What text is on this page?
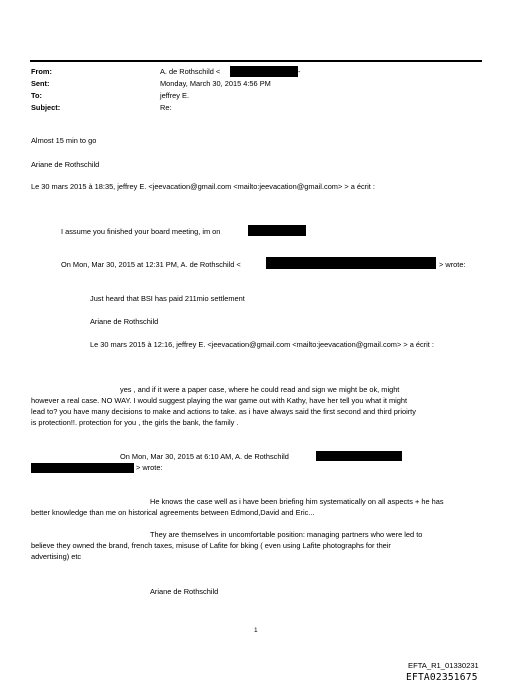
From:	A. de Rothschild <	-
Sent:	Monday, March 30, 2015 4:56 PM
To:	jeffrey E.
Subject:	Re:
Almost 15 min to go
Ariane de Rothschild
Le 30 mars 2015 à 18:35, jeffrey E. <jeevacation@gmail.com <mailto:jeevacation@gmail.com> > a écrit :
I assume you finished your board meeting, im on
On Mon, Mar 30, 2015 at 12:31 PM, A. de Rothschild <	> wrote:
Just heard that BSI has paid 211mio settlement
Ariane de Rothschild
Le 30 mars 2015 à 12:16, jeffrey E. <jeevacation@gmail.com <mailto:jeevacation@gmail.com> > a écrit :
yes , and if it were a paper case, where he could read and sign we might be ok, might
however a real case. NO WAY. I would suggest playing the war game out with Kathy, have her tell you what it might
lead to? you have many decisions to make and actions to take. as i have always said the first second and third prioirty
is protection!!. protection for you , the girls the bank, the family .
On Mon, Mar 30, 2015 at 6:10 AM, A. de Rothschild
> wrote:
He knows the case well as i have been briefing him systematically on all aspects + he has
better knowledge than me on historical agreements between Edmond,David and Eric...
They are themselves in uncomfortable position: managing partners who were led to
believe they owned the brand, french taxes, misuse of Lafite for bking ( even using Lafite photographs for their
advertising) etc
Ariane de Rothschild
1
EFTA_R1_01330231
EFTA02351675
